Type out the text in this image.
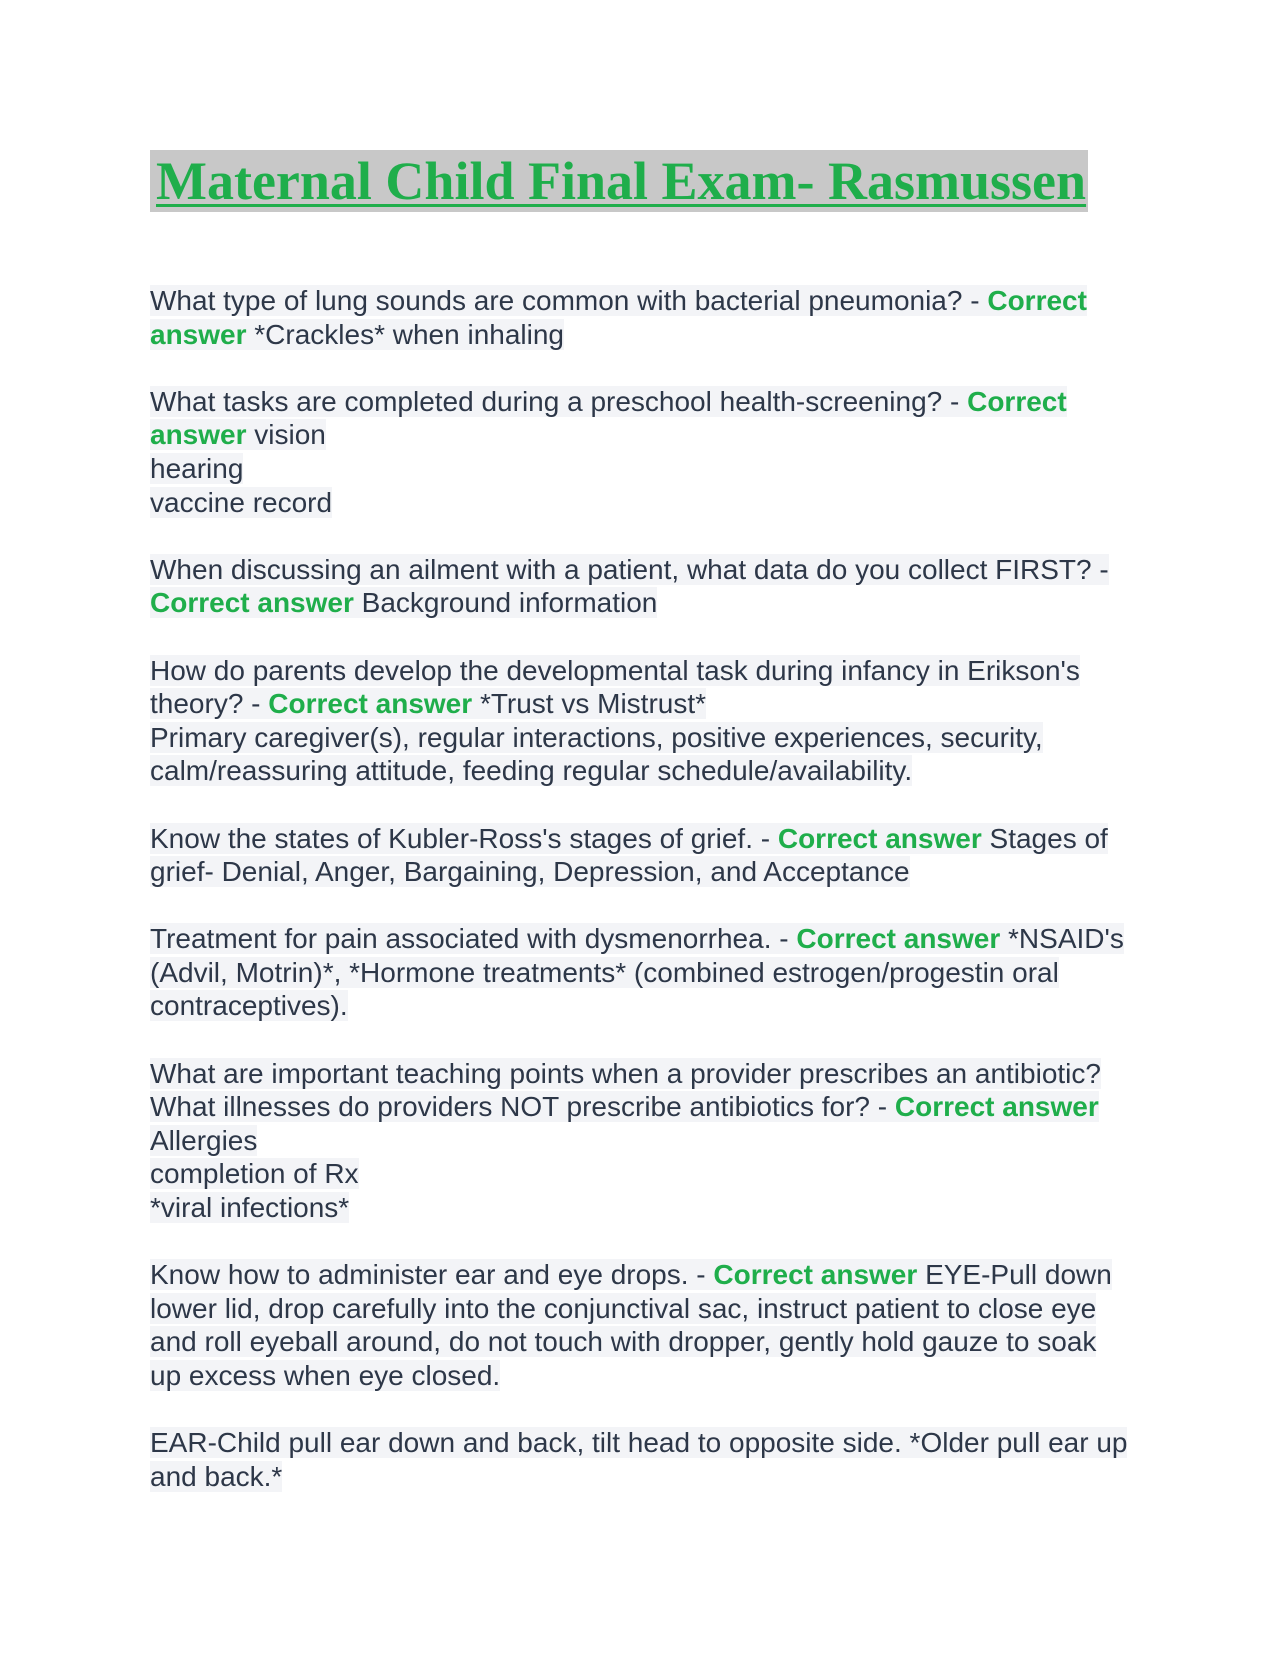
Maternal Child Final Exam- Rasmussen

What type of lung sounds are common with bacterial pneumonia? - Correct answer *Crackles* when inhaling

What tasks are completed during a preschool health-screening? - Correct answer vision

hearing

vaccine record

When discussing an ailment with a patient, what data do you collect FIRST? - Correct answer Background information

How do parents develop the developmental task during infancy in Erikson's theory? - Correct answer *Trust vs Mistrust*

Primary caregiver(s), regular interactions, positive experiences, security, calm/reassuring attitude, feeding regular schedule/availability.

Know the states of Kubler-Ross's stages of grief. - Correct answer Stages of grief- Denial, Anger, Bargaining, Depression, and Acceptance

Treatment for pain associated with dysmenorrhea. - Correct answer *NSAID's (Advil, Motrin)*, *Hormone treatments* (combined estrogen/progestin oral contraceptives).

What are important teaching points when a provider prescribes an antibiotic? What illnesses do providers NOT prescribe antibiotics for? - Correct answer Allergies

completion of Rx

*viral infections*

Know how to administer ear and eye drops. - Correct answer EYE-Pull down lower lid, drop carefully into the conjunctival sac, instruct patient to close eye and roll eyeball around, do not touch with dropper, gently hold gauze to soak up excess when eye closed.

EAR-Child pull ear down and back, tilt head to opposite side. *Older pull ear up and back.*
